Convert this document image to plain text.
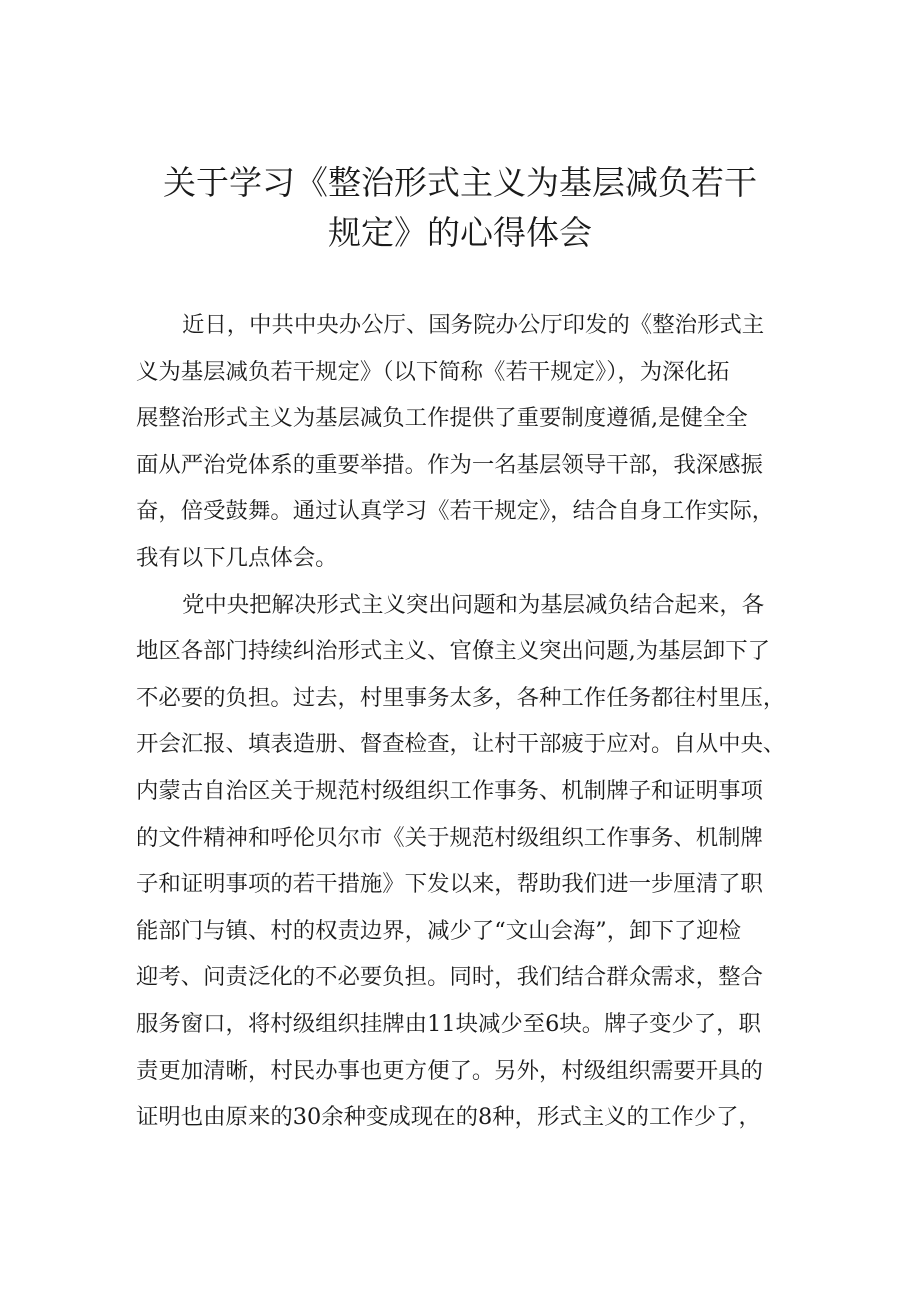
关于学习《整治形式主义为基层减负若干
规定》的心得体会

近日，中共中央办公厅、国务院办公厅印发的《整治形式主
义为基层减负若干规定》（以下简称《若干规定》），为深化拓
展整治形式主义为基层减负工作提供了重要制度遵循,是健全全
面从严治党体系的重要举措。作为一名基层领导干部，我深感振
奋，倍受鼓舞。通过认真学习《若干规定》，结合自身工作实际，
我有以下几点体会。

党中央把解决形式主义突出问题和为基层减负结合起来，各
地区各部门持续纠治形式主义、官僚主义突出问题,为基层卸下了
不必要的负担。过去，村里事务太多，各种工作任务都往村里压，
开会汇报、填表造册、督查检查，让村干部疲于应对。自从中央、
内蒙古自治区关于规范村级组织工作事务、机制牌子和证明事项
的文件精神和呼伦贝尔市《关于规范村级组织工作事务、机制牌
子和证明事项的若干措施》下发以来，帮助我们进一步厘清了职
能部门与镇、村的权责边界，减少了“文山会海”，卸下了迎检
迎考、问责泛化的不必要负担。同时，我们结合群众需求，整合
服务窗口，将村级组织挂牌由11块减少至6块。牌子变少了，职
责更加清晰，村民办事也更方便了。另外，村级组织需要开具的
证明也由原来的30余种变成现在的8种，形式主义的工作少了，
